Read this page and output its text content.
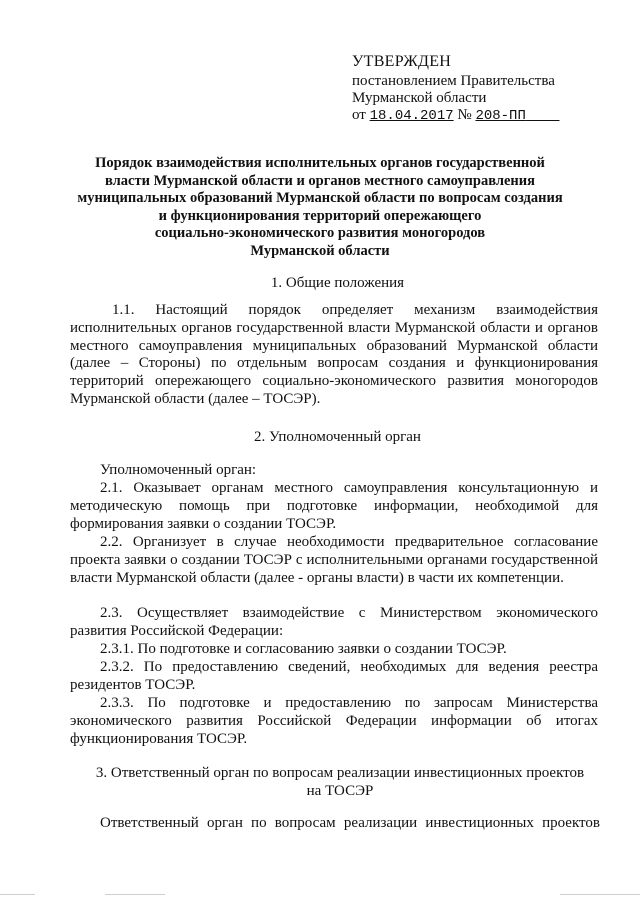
УТВЕРЖДЕН
постановлением Правительства
Мурманской области
от 18.04.2017 № 208-ПП
Порядок взаимодействия исполнительных органов государственной
власти Мурманской области и органов местного самоуправления
муниципальных образований Мурманской области по вопросам создания
и функционирования территорий опережающего
социально-экономического развития моногородов
Мурманской области
1. Общие положения
1.1. Настоящий порядок определяет механизм взаимодействия исполнительных органов государственной власти Мурманской области и органов местного самоуправления муниципальных образований Мурманской области (далее – Стороны) по отдельным вопросам создания и функционирования территорий опережающего социально-экономического развития моногородов Мурманской области (далее – ТОСЭР).
2. Уполномоченный орган
Уполномоченный орган:
2.1. Оказывает органам местного самоуправления консультационную и методическую помощь при подготовке информации, необходимой для формирования заявки о создании ТОСЭР.
2.2. Организует в случае необходимости предварительное согласование проекта заявки о создании ТОСЭР с исполнительными органами государственной власти Мурманской области (далее - органы власти) в части их компетенции.
2.3. Осуществляет взаимодействие с Министерством экономического развития Российской Федерации:
2.3.1. По подготовке и согласованию заявки о создании ТОСЭР.
2.3.2. По предоставлению сведений, необходимых для ведения реестра резидентов ТОСЭР.
2.3.3. По подготовке и предоставлению по запросам Министерства экономического развития Российской Федерации информации об итогах функционирования ТОСЭР.
3. Ответственный орган по вопросам реализации инвестиционных проектов
на ТОСЭР
Ответственный орган по вопросам реализации инвестиционных проектов
